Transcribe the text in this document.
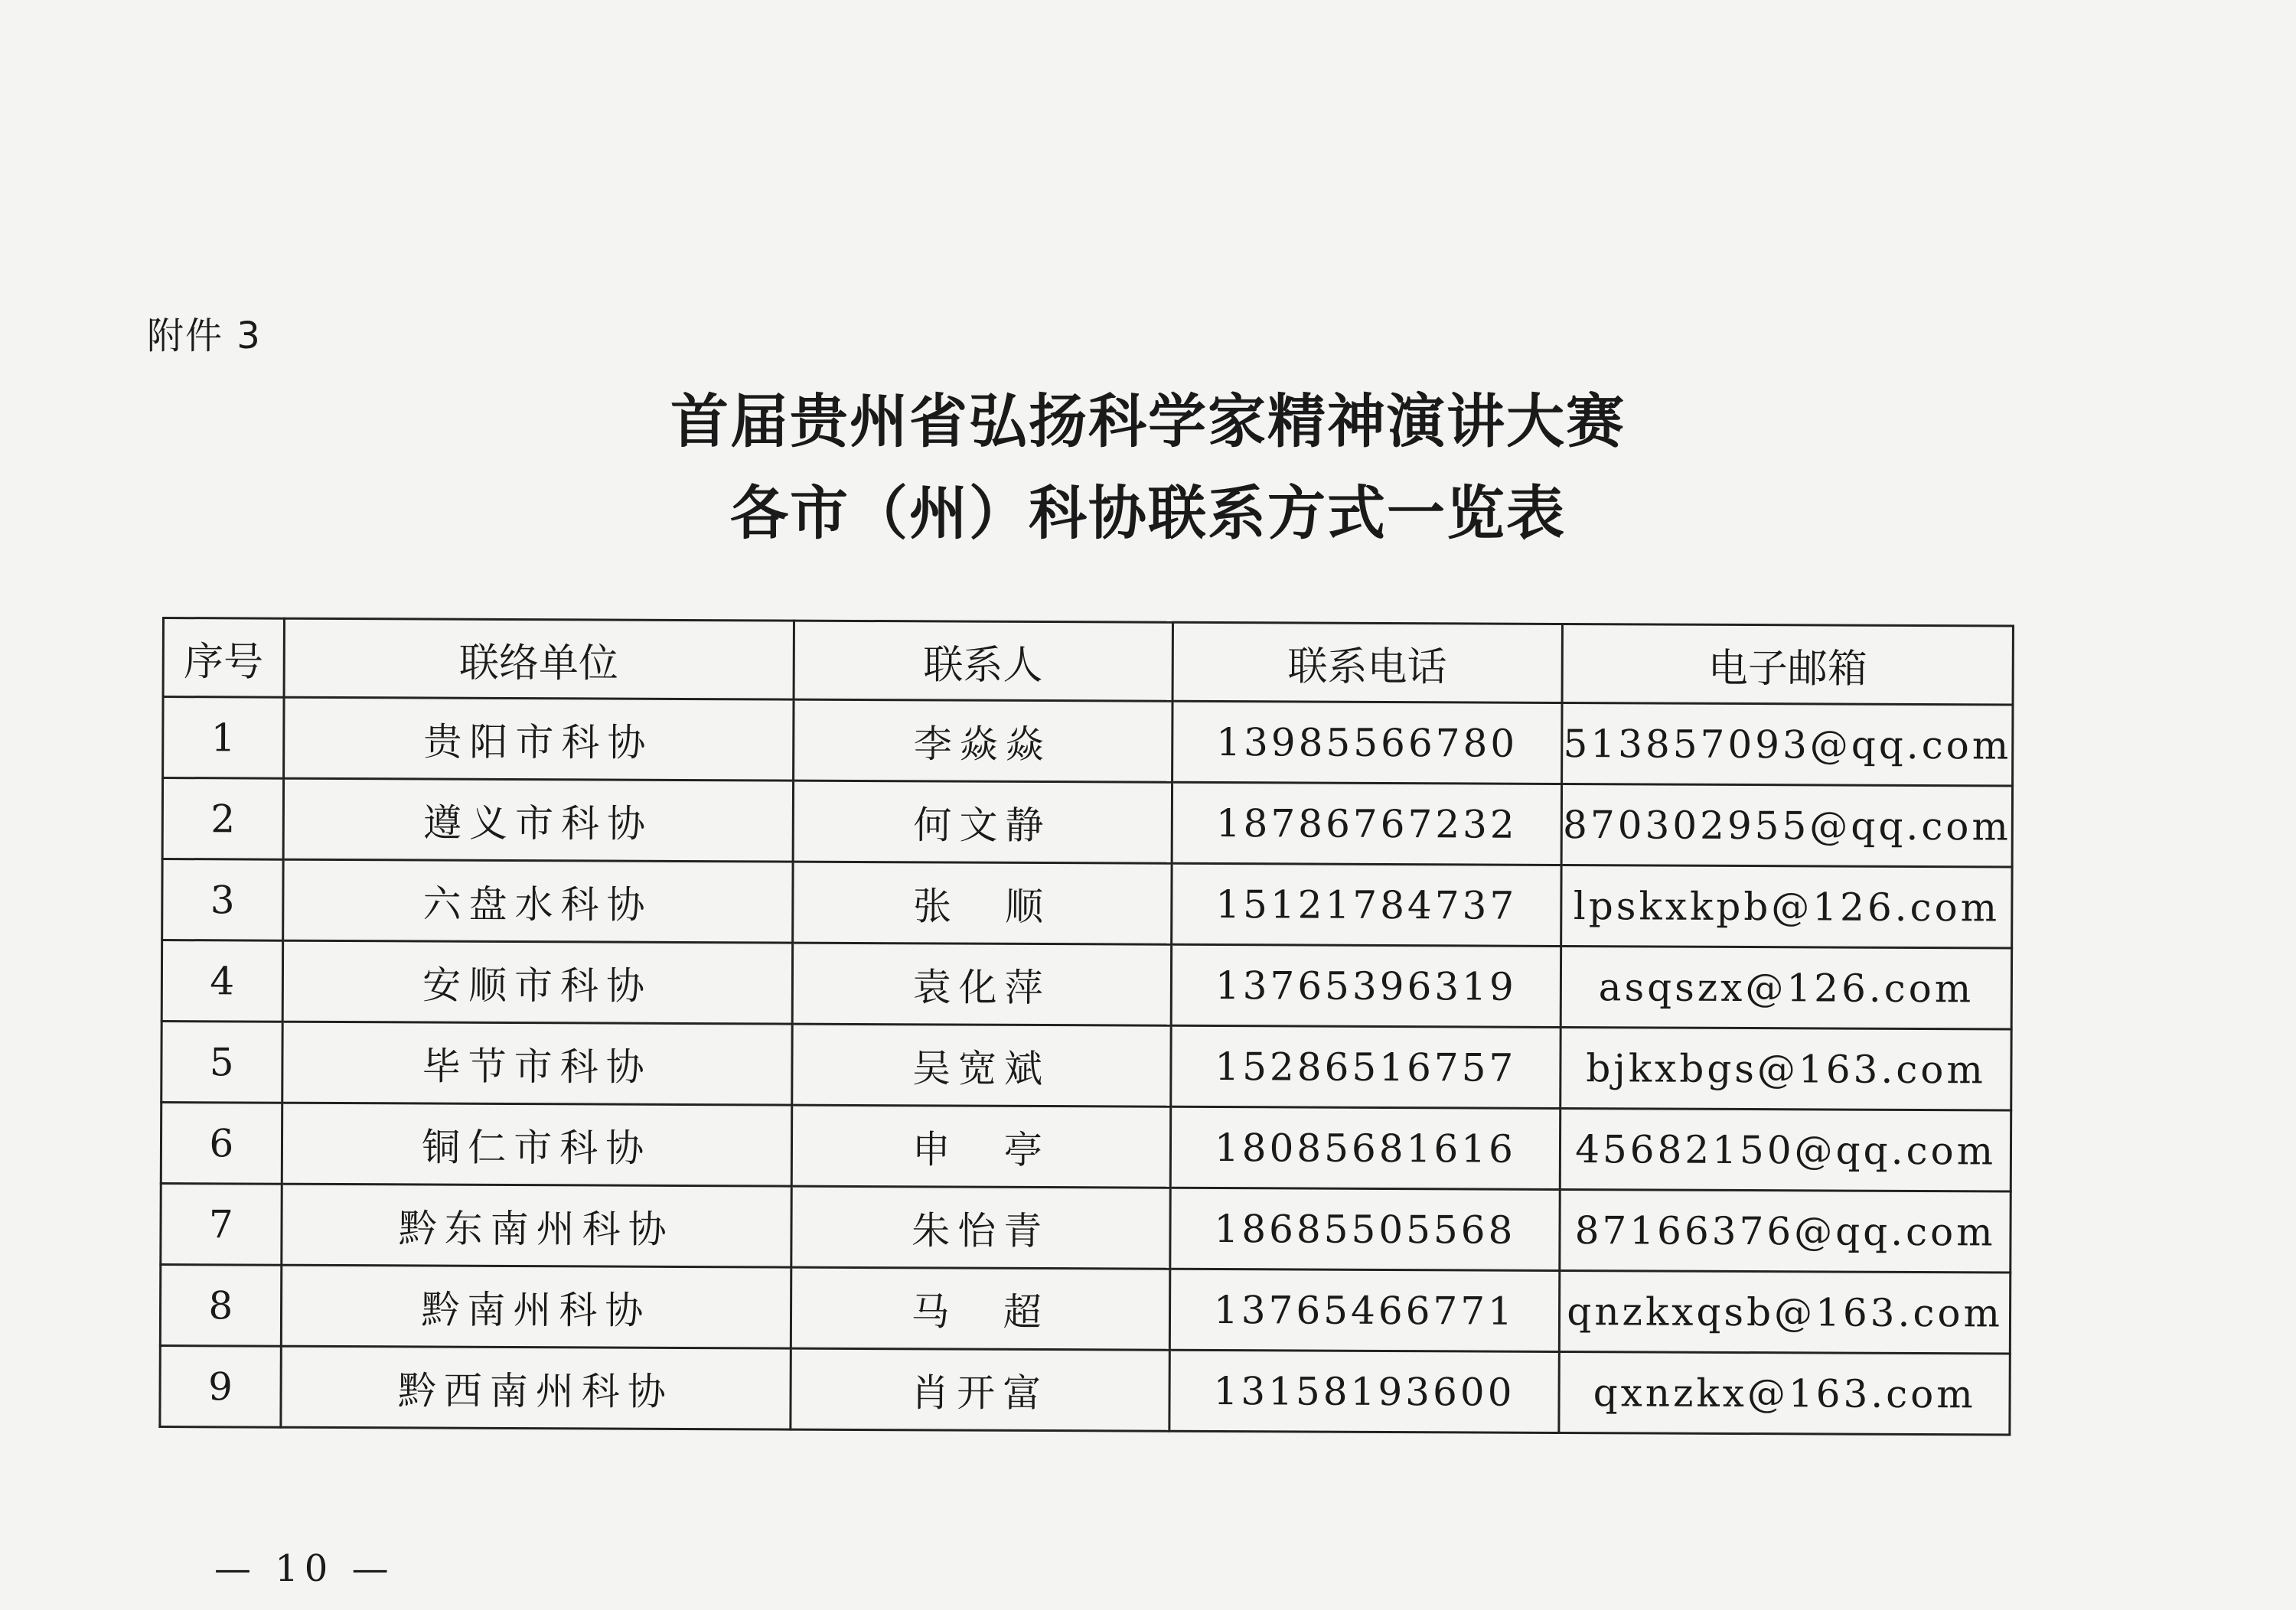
附件 3
首届贵州省弘扬科学家精神演讲大赛
各市（州）科协联系方式一览表
序号	联络单位	联系人	联系电话	电子邮箱
1	贵阳市科协	李焱焱	13985566780	513857093@qq.com
2	遵义市科协	何文静	18786767232	870302955@qq.com
3	六盘水科协	张　顺	15121784737	lpskxkpb@126.com
4	安顺市科协	袁化萍	13765396319	asqszx@126.com
5	毕节市科协	吴宽斌	15286516757	bjkxbgs@163.com
6	铜仁市科协	申　亭	18085681616	45682150@qq.com
7	黔东南州科协	朱怡青	18685505568	87166376@qq.com
8	黔南州科协	马　超	13765466771	qnzkxqsb@163.com
9	黔西南州科协	肖开富	13158193600	qxnzkx@163.com
— 10 —
